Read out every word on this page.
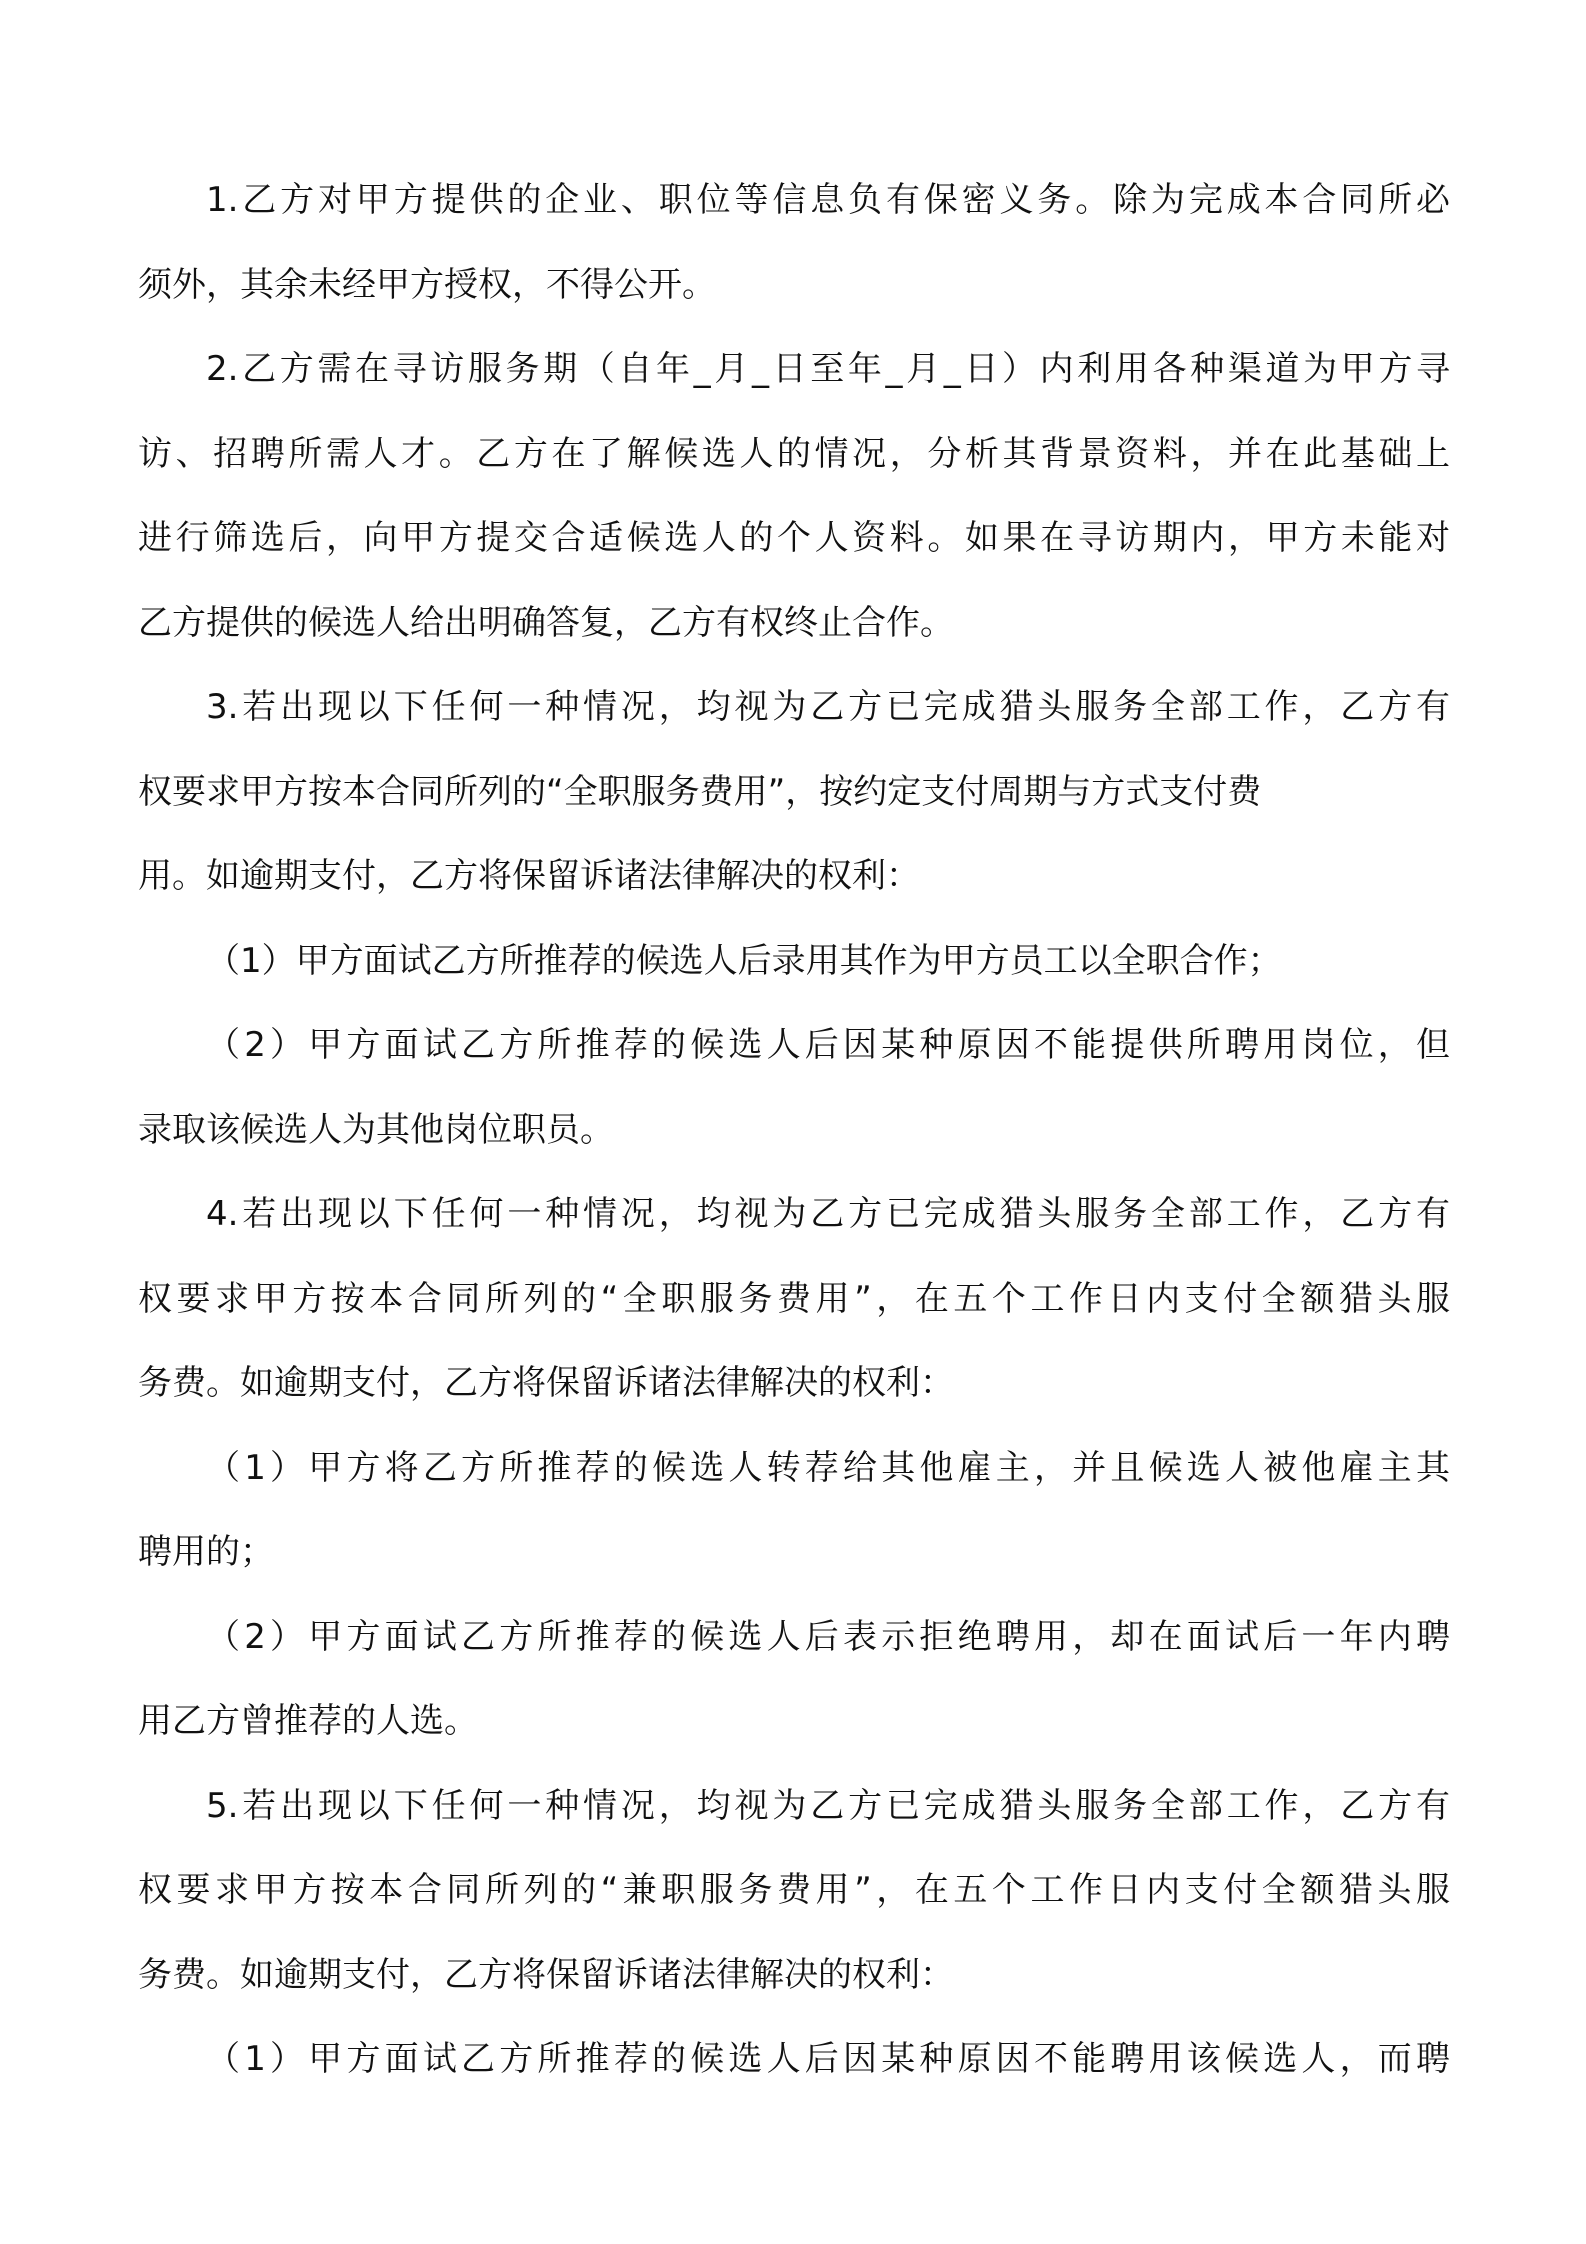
1.乙方对甲方提供的企业、职位等信息负有保密义务。除为完成本合同所必
须外，其余未经甲方授权，不得公开。
2.乙方需在寻访服务期（自年_月_日至年_月_日）内利用各种渠道为甲方寻
访、招聘所需人才。乙方在了解候选人的情况，分析其背景资料，并在此基础上
进行筛选后，向甲方提交合适候选人的个人资料。如果在寻访期内，甲方未能对
乙方提供的候选人给出明确答复，乙方有权终止合作。
3.若出现以下任何一种情况，均视为乙方已完成猎头服务全部工作，乙方有
权要求甲方按本合同所列的“全职服务费用”，按约定支付周期与方式支付费
用。如逾期支付，乙方将保留诉诸法律解决的权利：
（1）甲方面试乙方所推荐的候选人后录用其作为甲方员工以全职合作；
（2）甲方面试乙方所推荐的候选人后因某种原因不能提供所聘用岗位，但
录取该候选人为其他岗位职员。
4.若出现以下任何一种情况，均视为乙方已完成猎头服务全部工作，乙方有
权要求甲方按本合同所列的“全职服务费用”，在五个工作日内支付全额猎头服
务费。如逾期支付，乙方将保留诉诸法律解决的权利：
（1）甲方将乙方所推荐的候选人转荐给其他雇主，并且候选人被他雇主其
聘用的；
（2）甲方面试乙方所推荐的候选人后表示拒绝聘用，却在面试后一年内聘
用乙方曾推荐的人选。
5.若出现以下任何一种情况，均视为乙方已完成猎头服务全部工作，乙方有
权要求甲方按本合同所列的“兼职服务费用”，在五个工作日内支付全额猎头服
务费。如逾期支付，乙方将保留诉诸法律解决的权利：
（1）甲方面试乙方所推荐的候选人后因某种原因不能聘用该候选人，而聘
